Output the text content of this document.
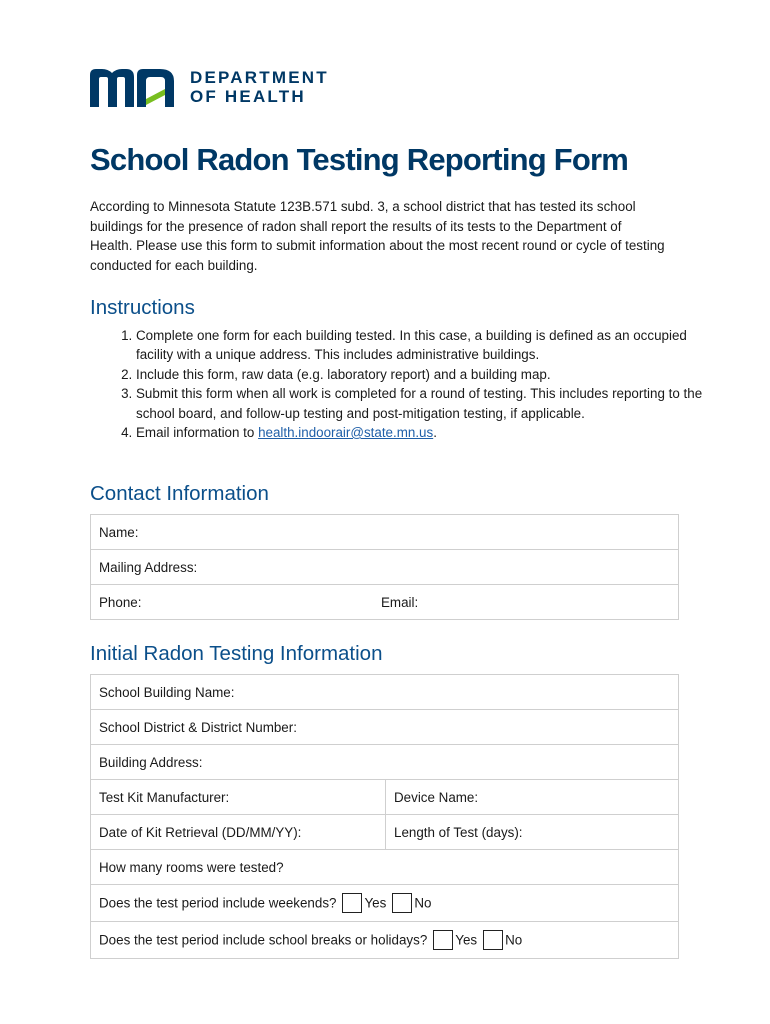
DEPARTMENT
OF HEALTH
School Radon Testing Reporting Form

According to Minnesota Statute 123B.571 subd. 3, a school district that has tested its school buildings for the presence of radon shall report the results of its tests to the Department of Health. Please use this form to submit information about the most recent round or cycle of testing conducted for each building.

Instructions
1. Complete one form for each building tested. In this case, a building is defined as an occupied facility with a unique address. This includes administrative buildings.
2. Include this form, raw data (e.g. laboratory report) and a building map.
3. Submit this form when all work is completed for a round of testing. This includes reporting to the school board, and follow-up testing and post-mitigation testing, if applicable.
4. Email information to health.indoorair@state.mn.us.
Contact Information
Name:
Mailing Address:
Phone:	Email:
Initial Radon Testing Information
School Building Name:	
School District & District Number:	
Building Address:	
Test Kit Manufacturer:	Device Name:
Date of Kit Retrieval (DD/MM/YY):	Length of Test (days):
How many rooms were tested?	
Does the test period include weekends? Yes No	
Does the test period include school breaks or holidays? Yes No	
